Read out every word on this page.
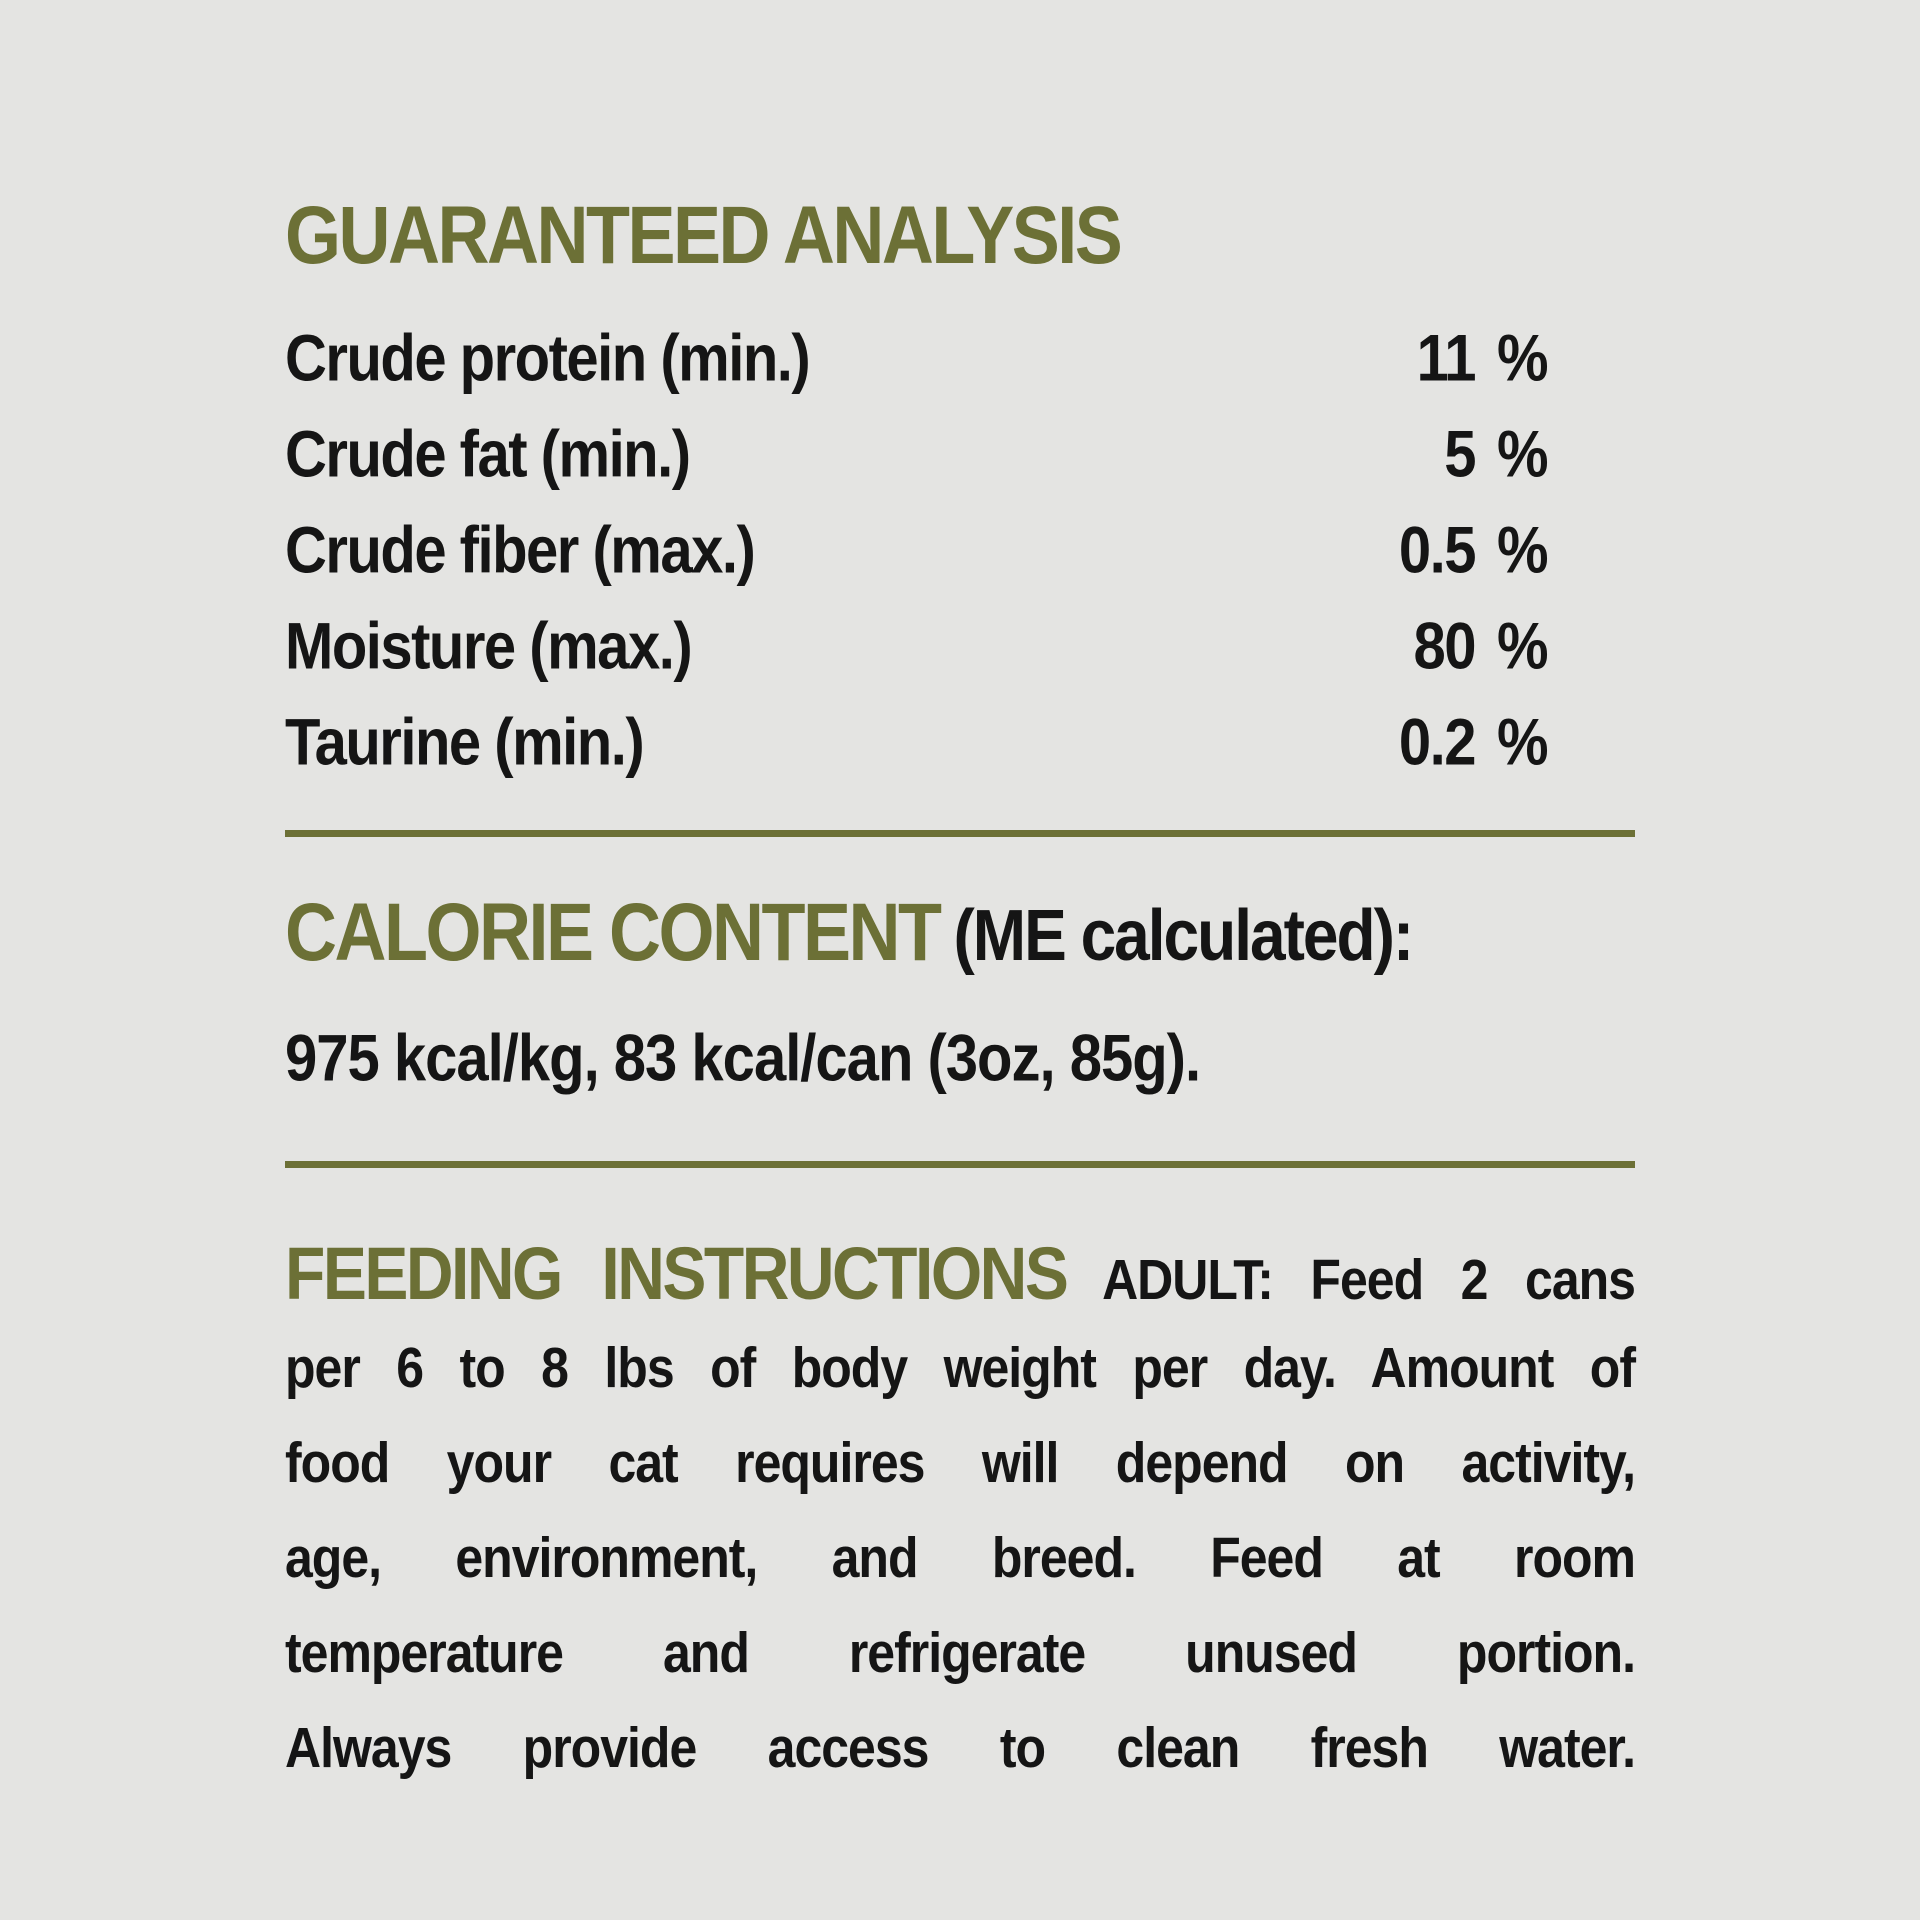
GUARANTEED ANALYSIS
Crude protein (min.)	11 %
Crude fat (min.)	5 %
Crude fiber (max.)	0.5 %
Moisture (max.)	80 %
Taurine (min.)	0.2 %
CALORIE CONTENT (ME calculated):
975 kcal/kg, 83 kcal/can (3oz, 85g).
FEEDING INSTRUCTIONS ADULT: Feed 2 cans
per 6 to 8 lbs of body weight per day. Amount of
food your cat requires will depend on activity,
age, environment, and breed. Feed at room
temperature and refrigerate unused portion.
Always provide access to clean fresh water.
